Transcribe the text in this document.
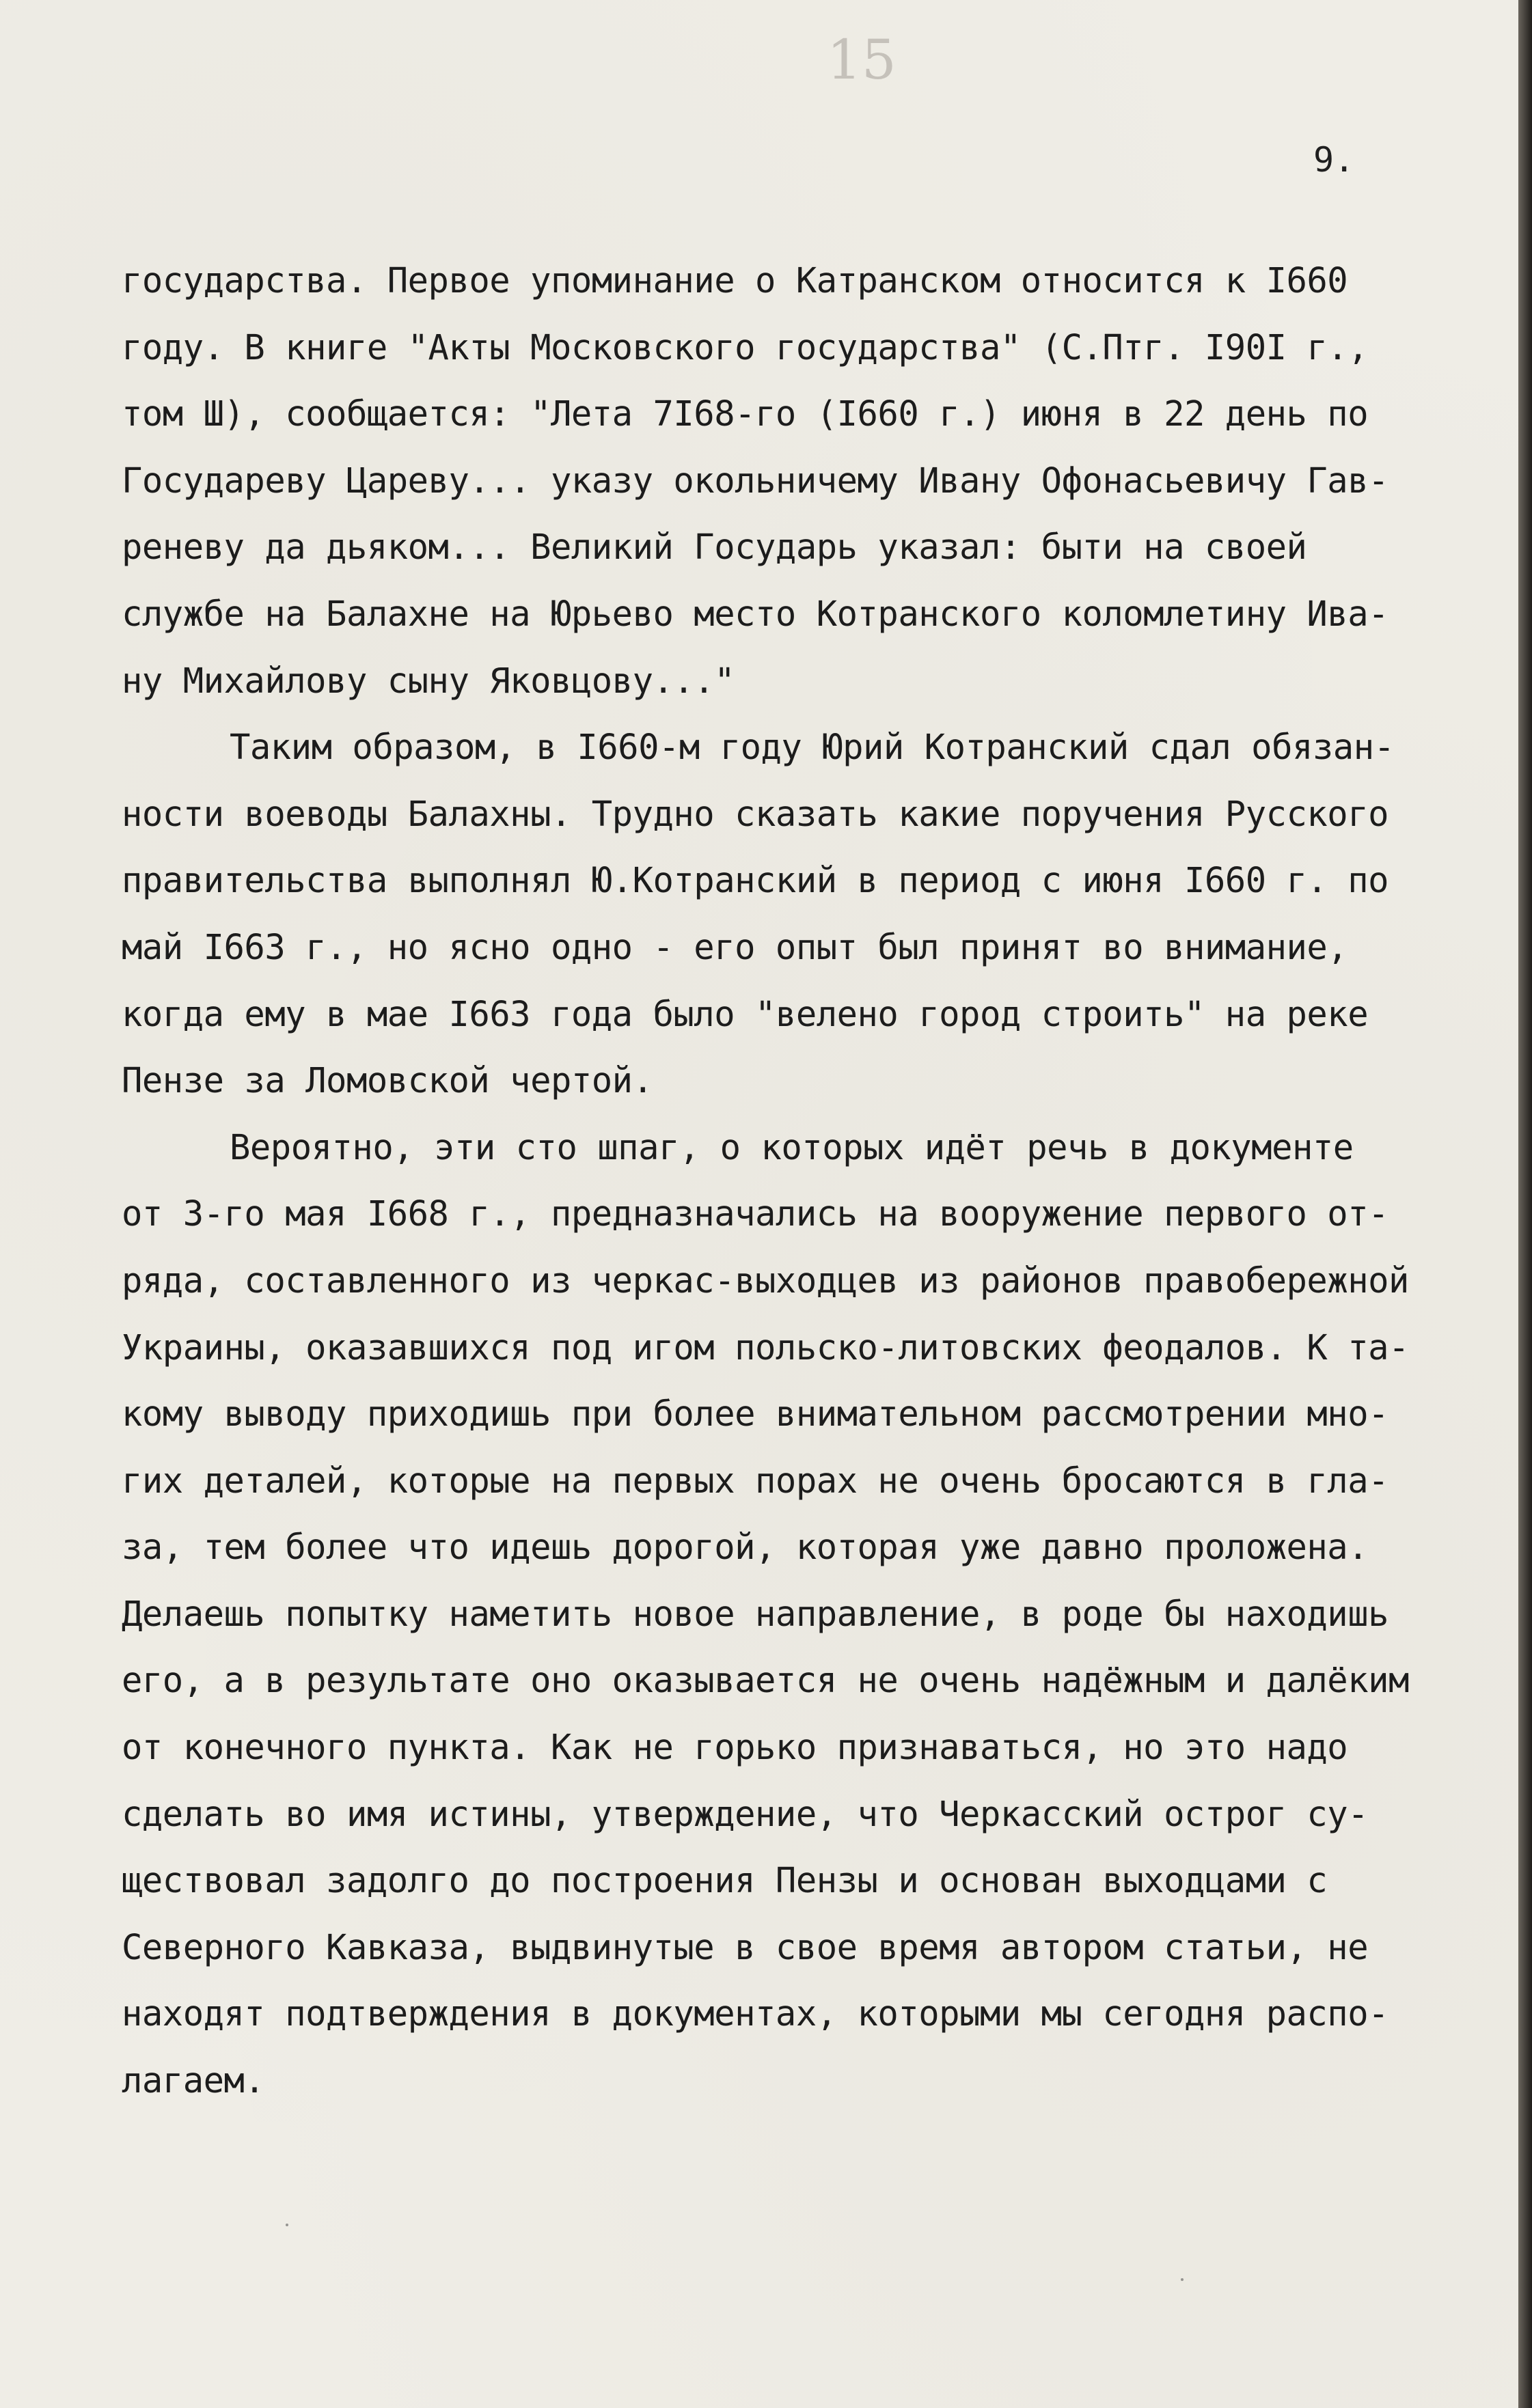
15
9.
государства. Первое упоминание о Катранском относится к I660
году. В книге "Акты Московского государства" (С.Птг. I90I г.,
том Ш), сообщается: "Лета 7I68-го (I660 г.) июня в 22 день по
Государеву Цареву... указу окольничему Ивану Офонасьевичу Гав-
реневу да дьяком... Великий Государь указал: быти на своей
службе на Балахне на Юрьево место Котранского коломлетину Ива-
ну Михайлову сыну Яковцову..."
Таким образом, в I660-м году Юрий Котранский сдал обязан-
ности воеводы Балахны. Трудно сказать какие поручения Русского
правительства выполнял Ю.Котранский в период с июня I660 г. по
май I663 г., но ясно одно - его опыт был принят во внимание,
когда ему в мае I663 года было "велено город строить" на реке
Пензе за Ломовской чертой.
Вероятно, эти сто шпаг, о которых идёт речь в документе
от 3-го мая I668 г., предназначались на вооружение первого от-
ряда, составленного из черкас-выходцев из районов правобережной
Украины, оказавшихся под игом польско-литовских феодалов. К та-
кому выводу приходишь при более внимательном рассмотрении мно-
гих деталей, которые на первых порах не очень бросаются в гла-
за, тем более что идешь дорогой, которая уже давно проложена.
Делаешь попытку наметить новое направление, в роде бы находишь
его, а в результате оно оказывается не очень надёжным и далёким
от конечного пункта. Как не горько признаваться, но это надо
сделать во имя истины, утверждение, что Черкасский острог су-
ществовал задолго до построения Пензы и основан выходцами с
Северного Кавказа, выдвинутые в свое время автором статьи, не
находят подтверждения в документах, которыми мы сегодня распо-
лагаем.
